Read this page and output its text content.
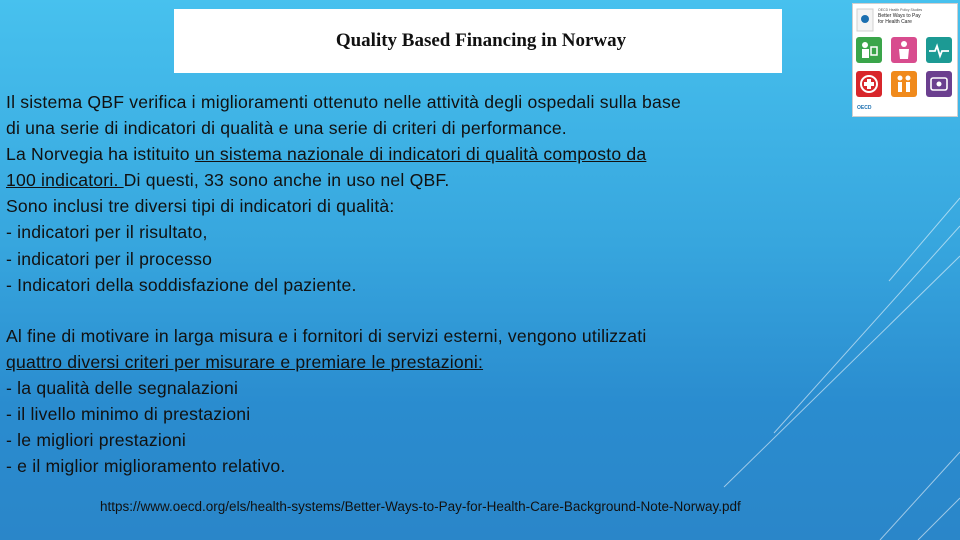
Quality Based Financing in Norway
OECD Health Policy Studies
Better Ways to Pay
for Health Care
OECD
Il sistema QBF verifica i miglioramenti ottenuto nelle attività degli ospedali sulla base
di una serie di indicatori di qualità e una serie di criteri di performance.
La Norvegia ha istituito un sistema nazionale di indicatori di qualità composto da
100 indicatori. Di questi, 33 sono anche in uso nel QBF.
Sono inclusi tre diversi tipi di indicatori di qualità:
- indicatori per il risultato,
- indicatori per il processo
- Indicatori della soddisfazione del paziente.
Al fine di motivare in larga misura e i fornitori di servizi esterni, vengono utilizzati
quattro diversi criteri per misurare e premiare le prestazioni:
- la qualità delle segnalazioni
- il livello minimo di prestazioni
- le migliori prestazioni
- e il miglior miglioramento relativo.
https://www.oecd.org/els/health-systems/Better-Ways-to-Pay-for-Health-Care-Background-Note-Norway.pdf
